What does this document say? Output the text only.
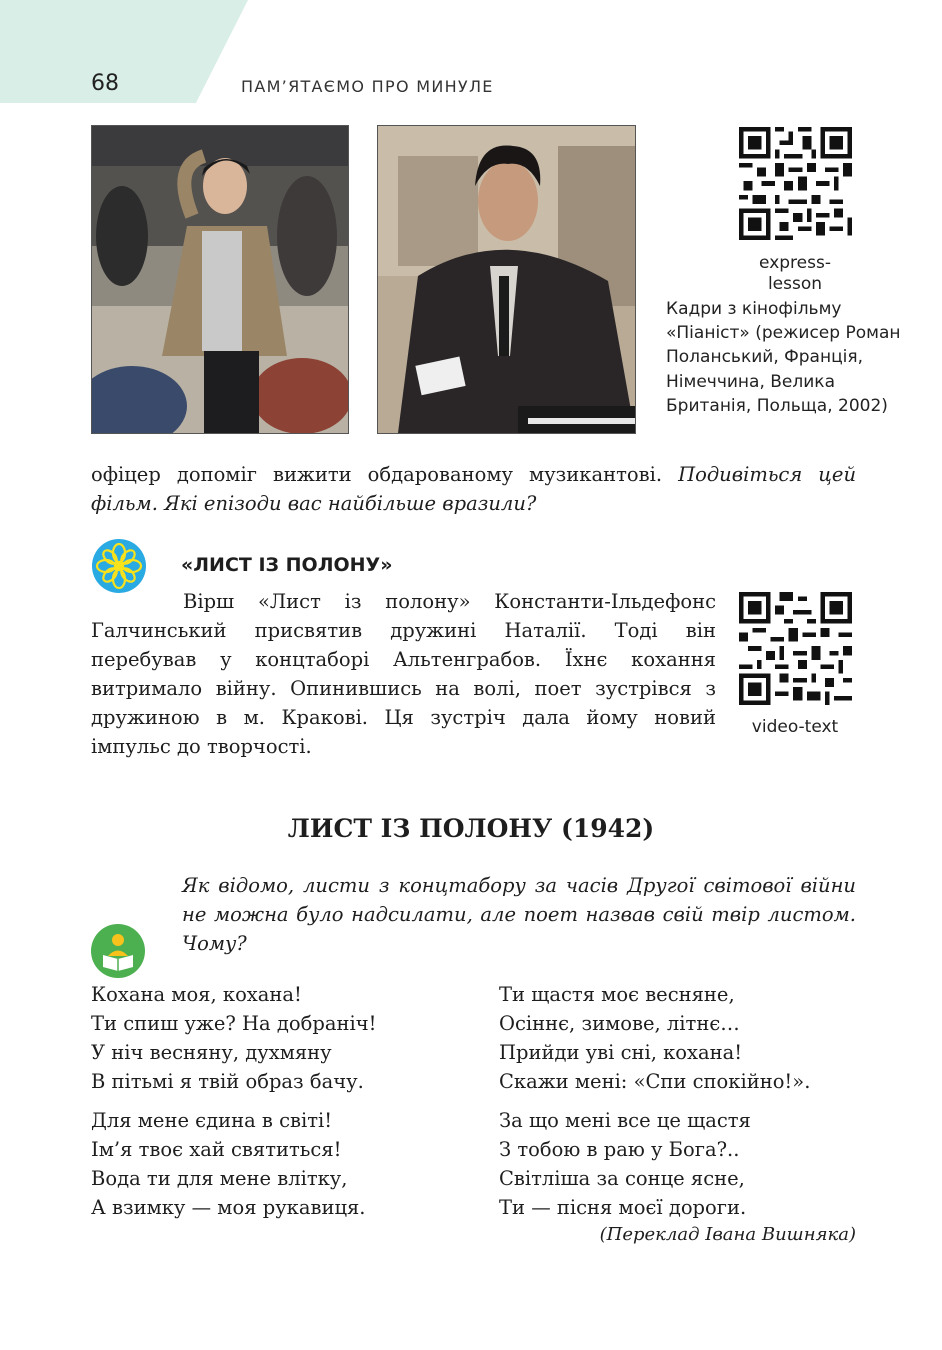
68	ПАМ’ЯТАЄМО ПРО МИНУЛЕ
express-
lesson
Кадри з кінофільму «Піаніст» (режисер Роман Поланський, Франція, Німеччина, Велика Британія, Польща, 2002)
офіцер допоміг вижити обдарованому музикантові. Подивіться цей фільм. Які епізоди вас найбільше вразили?
«ЛИСТ ІЗ ПОЛОНУ»
Вірш «Лист із полону» Константи-Ільдефонс Галчинський присвятив дружині Наталії. Тоді він перебував у концтаборі Альтенграбов. Їхнє кохання витримало війну. Опинившись на волі, поет зустрівся з дружиною в м. Кракові. Ця зустріч дала йому новий імпульс до творчості.
video-text
ЛИСТ ІЗ ПОЛОНУ (1942)
Як відомо, листи з концтабору за часів Другої світової війни не можна було надсилати, але поет назвав свій твір листом. Чому?
Кохана моя, кохана!
Ти спиш уже? На добраніч!
У ніч весняну, духмяну
В пітьмі я твій образ бачу.
Для мене єдина в світі!
Ім’я твоє хай святиться!
Вода ти для мене влітку,
А взимку — моя рукавиця.
Ти щастя моє весняне,
Осіннє, зимове, літнє…
Прийди уві сні, кохана!
Скажи мені: «Спи спокійно!».
За що мені все це щастя
З тобою в раю у Бога?..
Світліша за сонце ясне,
Ти — пісня моєї дороги.
(Переклад Івана Вишняка)
